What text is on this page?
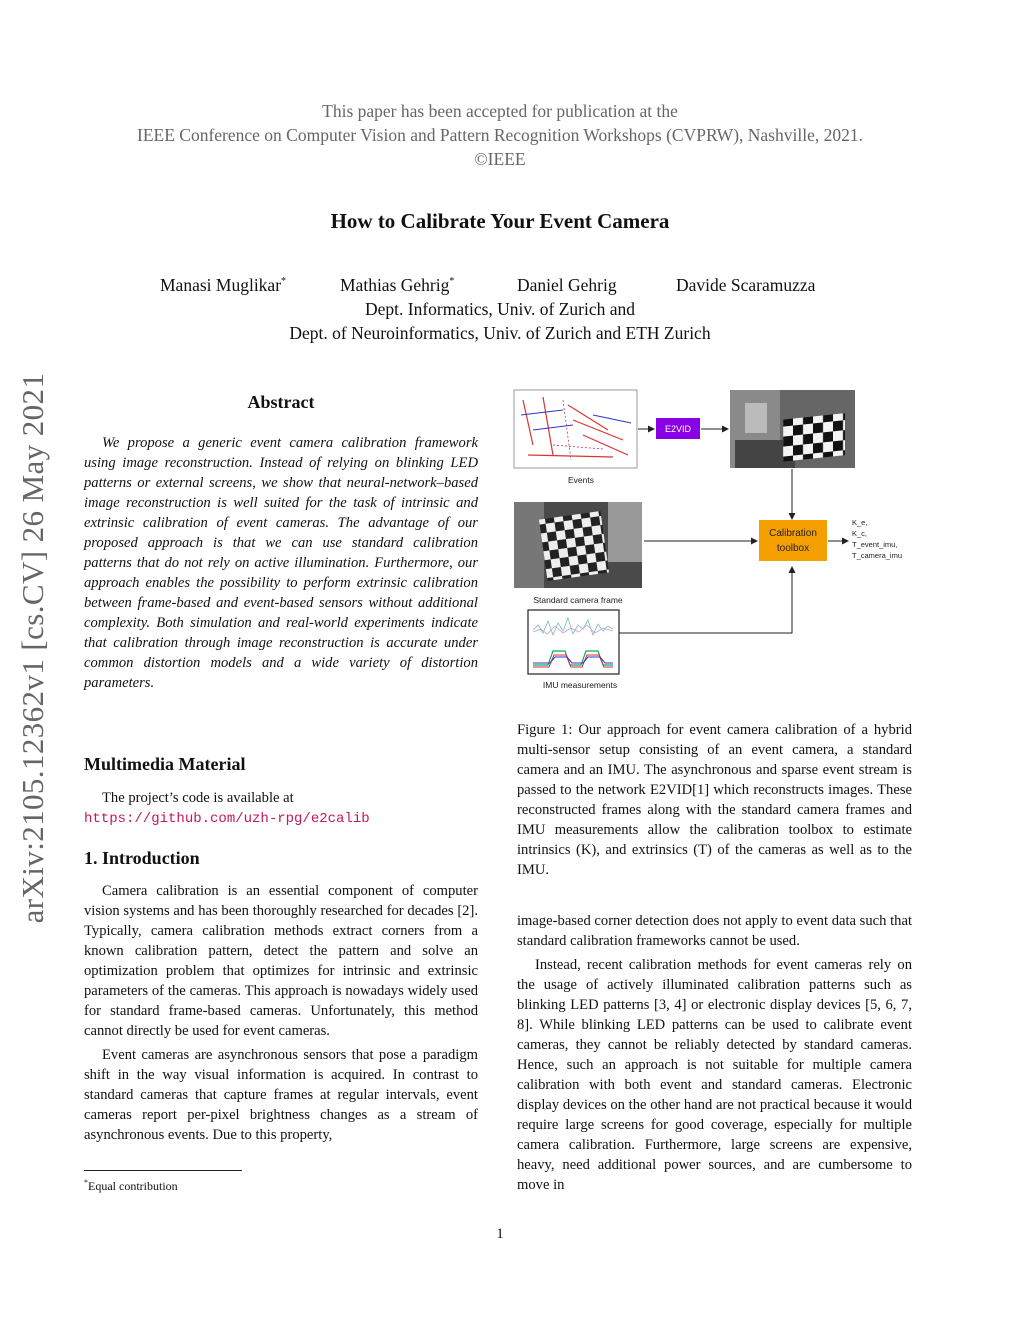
This paper has been accepted for publication at the
IEEE Conference on Computer Vision and Pattern Recognition Workshops (CVPRW), Nashville, 2021.
©IEEE
How to Calibrate Your Event Camera
Manasi Muglikar*	Mathias Gehrig*	Daniel Gehrig	Davide Scaramuzza
Dept. Informatics, Univ. of Zurich and
Dept. of Neuroinformatics, Univ. of Zurich and ETH Zurich
arXiv:2105.12362v1 [cs.CV] 26 May 2021	Abstract

We propose a generic event camera calibration framework using image reconstruction. Instead of relying on blinking LED patterns or external screens, we show that neural-network–based image reconstruction is well suited for the task of intrinsic and extrinsic calibration of event cameras. The advantage of our proposed approach is that we can use standard calibration patterns that do not rely on active illumination. Furthermore, our approach enables the possibility to perform extrinsic calibration between frame-based and event-based sensors without additional complexity. Both simulation and real-world experiments indicate that calibration through image reconstruction is accurate under common distortion models and a wide variety of distortion parameters.

Multimedia Material

The project’s code is available at

https://github.com/uzh-rpg/e2calib

1. Introduction

Camera calibration is an essential component of computer vision systems and has been thoroughly researched for decades [2]. Typically, camera calibration methods extract corners from a known calibration pattern, detect the pattern and solve an optimization problem that optimizes for intrinsic and extrinsic parameters of the cameras. This approach is nowadays widely used for standard frame-based cameras. Unfortunately, this method cannot directly be used for event cameras.

Event cameras are asynchronous sensors that pose a paradigm shift in the way visual information is acquired. In contrast to standard cameras that capture frames at regular intervals, event cameras report per-pixel brightness changes as a stream of asynchronous events. Due to this property,

*Equal contribution
E2VID
Events
Standard camera frame
Calibration
toolbox
K_e,
K_c,
T_event_imu,
T_camera_imu
IMU measurements

Figure 1: Our approach for event camera calibration of a hybrid multi-sensor setup consisting of an event camera, a standard camera and an IMU. The asynchronous and sparse event stream is passed to the network E2VID[1] which reconstructs images. These reconstructed frames along with the standard camera frames and IMU measurements allow the calibration toolbox to estimate intrinsics (K), and extrinsics (T) of the cameras as well as to the IMU.

image-based corner detection does not apply to event data such that standard calibration frameworks cannot be used.

Instead, recent calibration methods for event cameras rely on the usage of actively illuminated calibration patterns such as blinking LED patterns [3, 4] or electronic display devices [5, 6, 7, 8]. While blinking LED patterns can be used to calibrate event cameras, they cannot be reliably detected by standard cameras. Hence, such an approach is not suitable for multiple camera calibration with both event and standard cameras. Electronic display devices on the other hand are not practical because it would require large screens for good coverage, especially for multiple camera calibration. Furthermore, large screens are expensive, heavy, need additional power sources, and are cumbersome to move in

1
